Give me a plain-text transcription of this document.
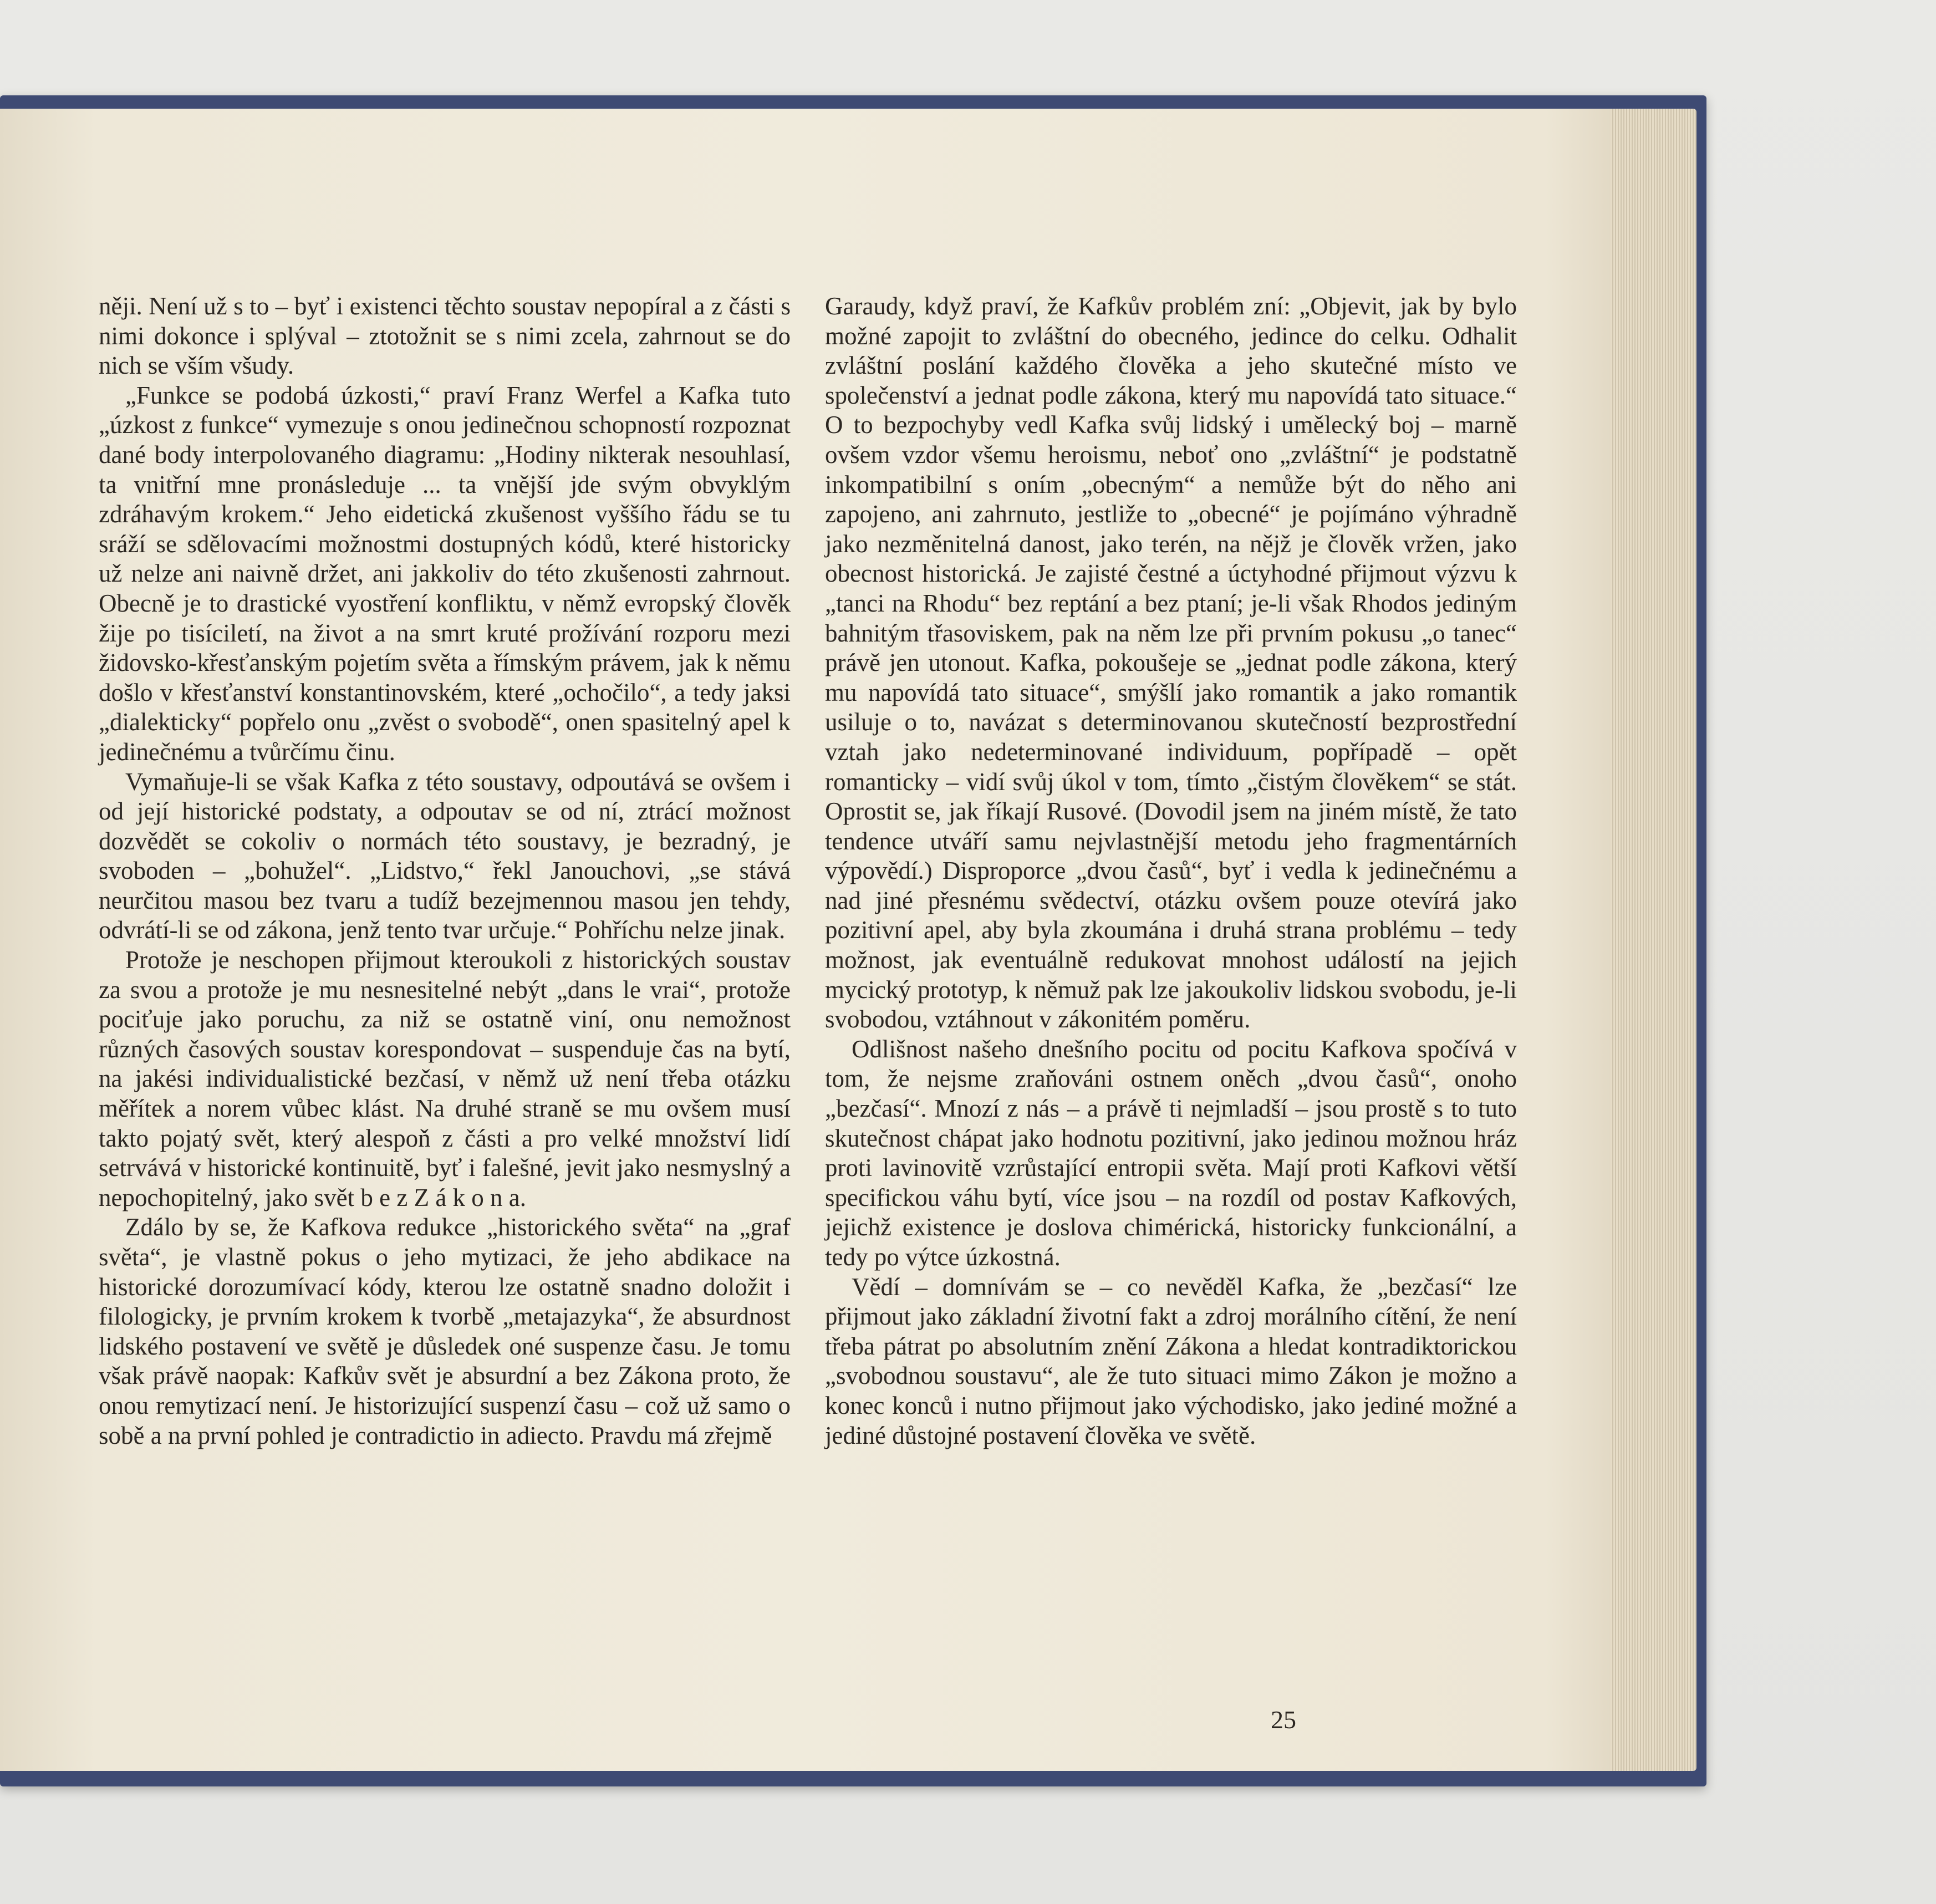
něji. Není už s to – byť i existenci těchto soustav nepopíral a z části s nimi dokonce i splýval – ztotožnit se s nimi zcela, zahrnout se do nich se vším všudy.

„Funkce se podobá úzkosti,“ praví Franz Werfel a Kafka tuto „úzkost z funkce“ vymezuje s onou jedinečnou schopností rozpoznat dané body interpolovaného diagramu: „Hodiny nikterak nesouhlasí, ta vnitřní mne pronásleduje ... ta vnější jde svým obvyklým zdráhavým krokem.“ Jeho eidetická zkušenost vyššího řádu se tu sráží se sdělovacími možnostmi dostupných kódů, které historicky už nelze ani naivně držet, ani jakkoliv do této zkušenosti zahrnout. Obecně je to drastické vyostření konfliktu, v němž evropský člověk žije po tisíciletí, na život a na smrt kruté prožívání rozporu mezi židovsko-křesťanským pojetím světa a římským právem, jak k němu došlo v křesťanství konstantinovském, které „ochočilo“, a tedy jaksi „dialekticky“ popřelo onu „zvěst o svobodě“, onen spasitelný apel k jedinečnému a tvůrčímu činu.

Vymaňuje-li se však Kafka z této soustavy, odpoutává se ovšem i od její historické podstaty, a odpoutav se od ní, ztrácí možnost dozvědět se cokoliv o normách této soustavy, je bezradný, je svoboden – „bohužel“. „Lidstvo,“ řekl Janouchovi, „se stává neurčitou masou bez tvaru a tudíž bezejmennou masou jen tehdy, odvrátí-li se od zákona, jenž tento tvar určuje.“ Pohříchu nelze jinak.

Protože je neschopen přijmout kteroukoli z historických soustav za svou a protože je mu nesnesitelné nebýt „dans le vrai“, protože pociťuje jako poruchu, za niž se ostatně viní, onu nemožnost různých časových soustav korespondovat – suspenduje čas na bytí, na jakési individualistické bezčasí, v němž už není třeba otázku měřítek a norem vůbec klást. Na druhé straně se mu ovšem musí takto pojatý svět, který alespoň z části a pro velké množství lidí setrvává v historické kontinuitě, byť i falešné, jevit jako nesmyslný a nepochopitelný, jako svět b e z Z á k o n a.

Zdálo by se, že Kafkova redukce „historického světa“ na „graf světa“, je vlastně pokus o jeho mytizaci, že jeho abdikace na historické dorozumívací kódy, kterou lze ostatně snadno doložit i filologicky, je prvním krokem k tvorbě „metajazyka“, že absurdnost lidského postavení ve světě je důsledek oné suspenze času. Je tomu však právě naopak: Kafkův svět je absurdní a bez Zákona proto, že onou remytizací není. Je historizující suspenzí času – což už samo o sobě a na první pohled je contradictio in adiecto. Pravdu má zřejmě

Garaudy, když praví, že Kafkův problém zní: „Objevit, jak by bylo možné zapojit to zvláštní do obecného, jedince do celku. Odhalit zvláštní poslání každého člověka a jeho skutečné místo ve společenství a jednat podle zákona, který mu napovídá tato situace.“ O to bezpochyby vedl Kafka svůj lidský i umělecký boj – marně ovšem vzdor všemu heroismu, neboť ono „zvláštní“ je podstatně inkompatibilní s oním „obecným“ a nemůže být do něho ani zapojeno, ani zahrnuto, jestliže to „obecné“ je pojímáno výhradně jako nezměnitelná danost, jako terén, na nějž je člověk vržen, jako obecnost historická. Je zajisté čestné a úctyhodné přijmout výzvu k „tanci na Rhodu“ bez reptání a bez ptaní; je-li však Rhodos jediným bahnitým třasoviskem, pak na něm lze při prvním pokusu „o tanec“ právě jen utonout. Kafka, pokoušeje se „jednat podle zákona, který mu napovídá tato situace“, smýšlí jako romantik a jako romantik usiluje o to, navázat s determinovanou skutečností bezprostřední vztah jako nedeterminované individuum, popřípadě – opět romanticky – vidí svůj úkol v tom, tímto „čistým člověkem“ se stát. Oprostit se, jak říkají Rusové. (Dovodil jsem na jiném místě, že tato tendence utváří samu nejvlastnější metodu jeho fragmentárních výpovědí.) Disproporce „dvou časů“, byť i vedla k jedinečnému a nad jiné přesnému svědectví, otázku ovšem pouze otevírá jako pozitivní apel, aby byla zkoumána i druhá strana problému – tedy možnost, jak eventuálně redukovat mnohost událostí na jejich mycický prototyp, k němuž pak lze jakoukoliv lidskou svobodu, je-li svobodou, vztáhnout v zákonitém poměru.

Odlišnost našeho dnešního pocitu od pocitu Kafkova spočívá v tom, že nejsme zraňováni ostnem oněch „dvou časů“, onoho „bezčasí“. Mnozí z nás – a právě ti nejmladší – jsou prostě s to tuto skutečnost chápat jako hodnotu pozitivní, jako jedinou možnou hráz proti lavinovitě vzrůstající entropii světa. Mají proti Kafkovi větší specifickou váhu bytí, více jsou – na rozdíl od postav Kafkových, jejichž existence je doslova chimérická, historicky funkcionální, a tedy po výtce úzkostná.

Vědí – domnívám se – co nevěděl Kafka, že „bezčasí“ lze přijmout jako základní životní fakt a zdroj morálního cítění, že není třeba pátrat po absolutním znění Zákona a hledat kontradiktorickou „svobodnou soustavu“, ale že tuto situaci mimo Zákon je možno a konec konců i nutno přijmout jako východisko, jako jediné možné a jediné důstojné postavení člověka ve světě.

25
